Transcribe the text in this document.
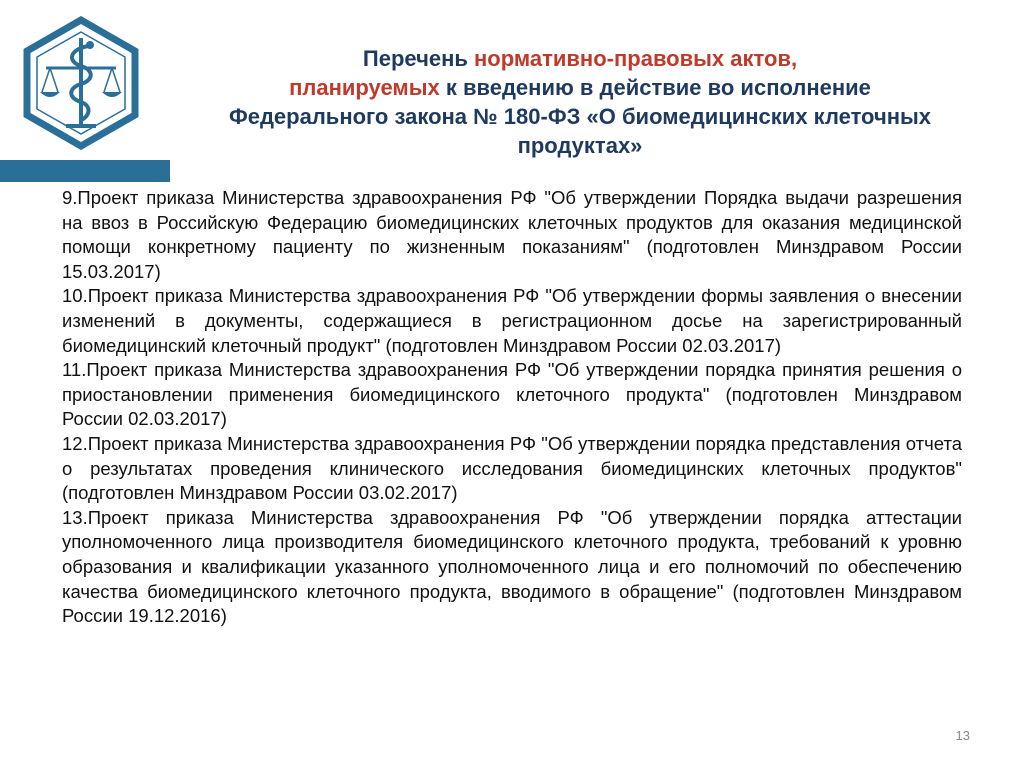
Перечень нормативно-правовых актов,
планируемых к введению в действие во исполнение
Федерального закона № 180-ФЗ «О биомедицинских клеточных
продуктах»

9.Проект приказа Министерства здравоохранения РФ "Об утверждении Порядка выдачи разрешения на ввоз в Российскую Федерацию биомедицинских клеточных продуктов для оказания медицинской помощи конкретному пациенту по жизненным показаниям" (подготовлен Минздравом России 15.03.2017)

10.Проект приказа Министерства здравоохранения РФ "Об утверждении формы заявления о внесении изменений в документы, содержащиеся в регистрационном досье на зарегистрированный биомедицинский клеточный продукт" (подготовлен Минздравом России 02.03.2017)

11.Проект приказа Министерства здравоохранения РФ "Об утверждении порядка принятия решения о приостановлении применения биомедицинского клеточного продукта" (подготовлен Минздравом России 02.03.2017)

12.Проект приказа Министерства здравоохранения РФ "Об утверждении порядка представления отчета о результатах проведения клинического исследования биомедицинских клеточных продуктов" (подготовлен Минздравом России 03.02.2017)

13.Проект приказа Министерства здравоохранения РФ "Об утверждении порядка аттестации уполномоченного лица производителя биомедицинского клеточного продукта, требований к уровню образования и квалификации указанного уполномоченного лица и его полномочий по обеспечению качества биомедицинского клеточного продукта, вводимого в обращение" (подготовлен Минздравом России 19.12.2016)

13
